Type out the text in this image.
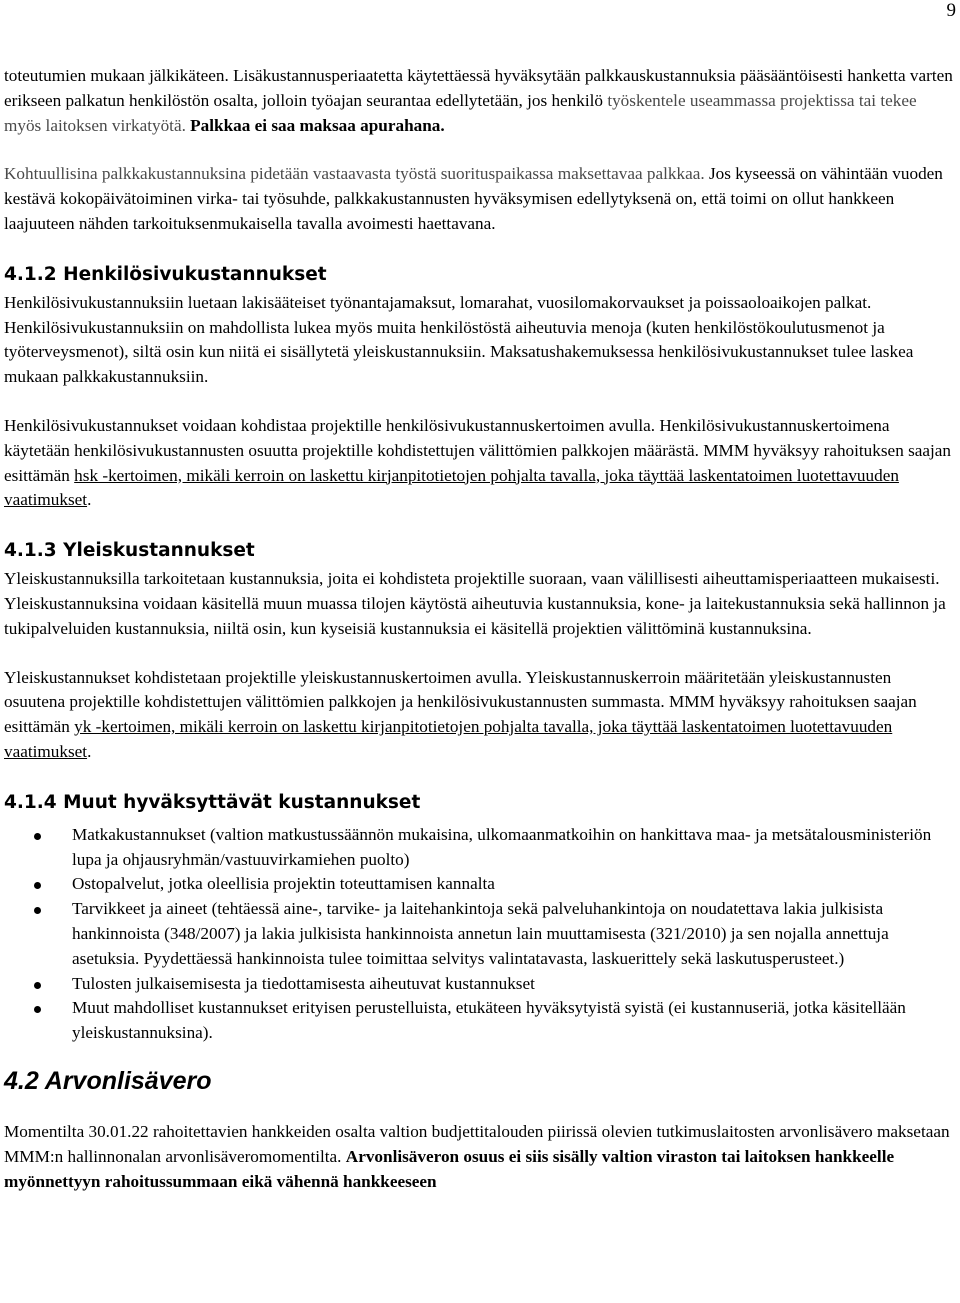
9

toteutumien mukaan jälkikäteen. Lisäkustannusperiaatetta käytettäessä hyväksytään palkkauskustannuksia pääsääntöisesti hanketta varten erikseen palkatun henkilöstön osalta, jolloin työajan seurantaa edellytetään, jos henkilö työskentele useammassa projektissa tai tekee myös laitoksen virkatyötä. Palkkaa ei saa maksaa apurahana.

Kohtuullisina palkkakustannuksina pidetään vastaavasta työstä suorituspaikassa maksettavaa palkkaa. Jos kyseessä on vähintään vuoden kestävä kokopäivätoiminen virka- tai työsuhde, palkkakustannusten hyväksymisen edellytyksenä on, että toimi on ollut hankkeen laajuuteen nähden tarkoituksenmukaisella tavalla avoimesti haettavana.

4.1.2 Henkilösivukustannukset

Henkilösivukustannuksiin luetaan lakisääteiset työnantajamaksut, lomarahat, vuosilomakorvaukset ja poissaoloaikojen palkat. Henkilösivukustannuksiin on mahdollista lukea myös muita henkilöstöstä aiheutuvia menoja (kuten henkilöstökoulutusmenot ja työterveysmenot), siltä osin kun niitä ei sisällytetä yleiskustannuksiin. Maksatushakemuksessa henkilösivukustannukset tulee laskea mukaan palkkakustannuksiin.

Henkilösivukustannukset voidaan kohdistaa projektille henkilösivukustannuskertoimen avulla. Henkilösivukustannuskertoimena käytetään henkilösivukustannusten osuutta projektille kohdistettujen välittömien palkkojen määrästä. MMM hyväksyy rahoituksen saajan esittämän hsk -kertoimen, mikäli kerroin on laskettu kirjanpitotietojen pohjalta tavalla, joka täyttää laskentatoimen luotettavuuden vaatimukset.

4.1.3 Yleiskustannukset

Yleiskustannuksilla tarkoitetaan kustannuksia, joita ei kohdisteta projektille suoraan, vaan välillisesti aiheuttamisperiaatteen mukaisesti. Yleiskustannuksina voidaan käsitellä muun muassa tilojen käytöstä aiheutuvia kustannuksia, kone- ja laitekustannuksia sekä hallinnon ja tukipalveluiden kustannuksia, niiltä osin, kun kyseisiä kustannuksia ei käsitellä projektien välittöminä kustannuksina.

Yleiskustannukset kohdistetaan projektille yleiskustannuskertoimen avulla. Yleiskustannuskerroin määritetään yleiskustannusten osuutena projektille kohdistettujen välittömien palkkojen ja henkilösivukustannusten summasta. MMM hyväksyy rahoituksen saajan esittämän yk -kertoimen, mikäli kerroin on laskettu kirjanpitotietojen pohjalta tavalla, joka täyttää laskentatoimen luotettavuuden vaatimukset.

4.1.4 Muut hyväksyttävät kustannukset
Matkakustannukset (valtion matkustussäännön mukaisina, ulkomaanmatkoihin on hankittava maa- ja metsätalousministeriön lupa ja ohjausryhmän/vastuuvirkamiehen puolto)
Ostopalvelut, jotka oleellisia projektin toteuttamisen kannalta
Tarvikkeet ja aineet (tehtäessä aine-, tarvike- ja laitehankintoja sekä palveluhankintoja on noudatettava lakia julkisista hankinnoista (348/2007) ja lakia julkisista hankinnoista annetun lain muuttamisesta (321/2010) ja sen nojalla annettuja asetuksia. Pyydettäessä hankinnoista tulee toimittaa selvitys valintatavasta, laskuerittely sekä laskutusperusteet.)
Tulosten julkaisemisesta ja tiedottamisesta aiheutuvat kustannukset
Muut mahdolliset kustannukset erityisen perustelluista, etukäteen hyväksytyistä syistä (ei kustannuseriä, jotka käsitellään yleiskustannuksina).
4.2 Arvonlisävero

Momentilta 30.01.22 rahoitettavien hankkeiden osalta valtion budjettitalouden piirissä olevien tutkimuslaitosten arvonlisävero maksetaan MMM:n hallinnonalan arvonlisäveromomentilta. Arvonlisäveron osuus ei siis sisälly valtion viraston tai laitoksen hankkeelle myönnettyyn rahoitussummaan eikä vähennä hankkeeseen
